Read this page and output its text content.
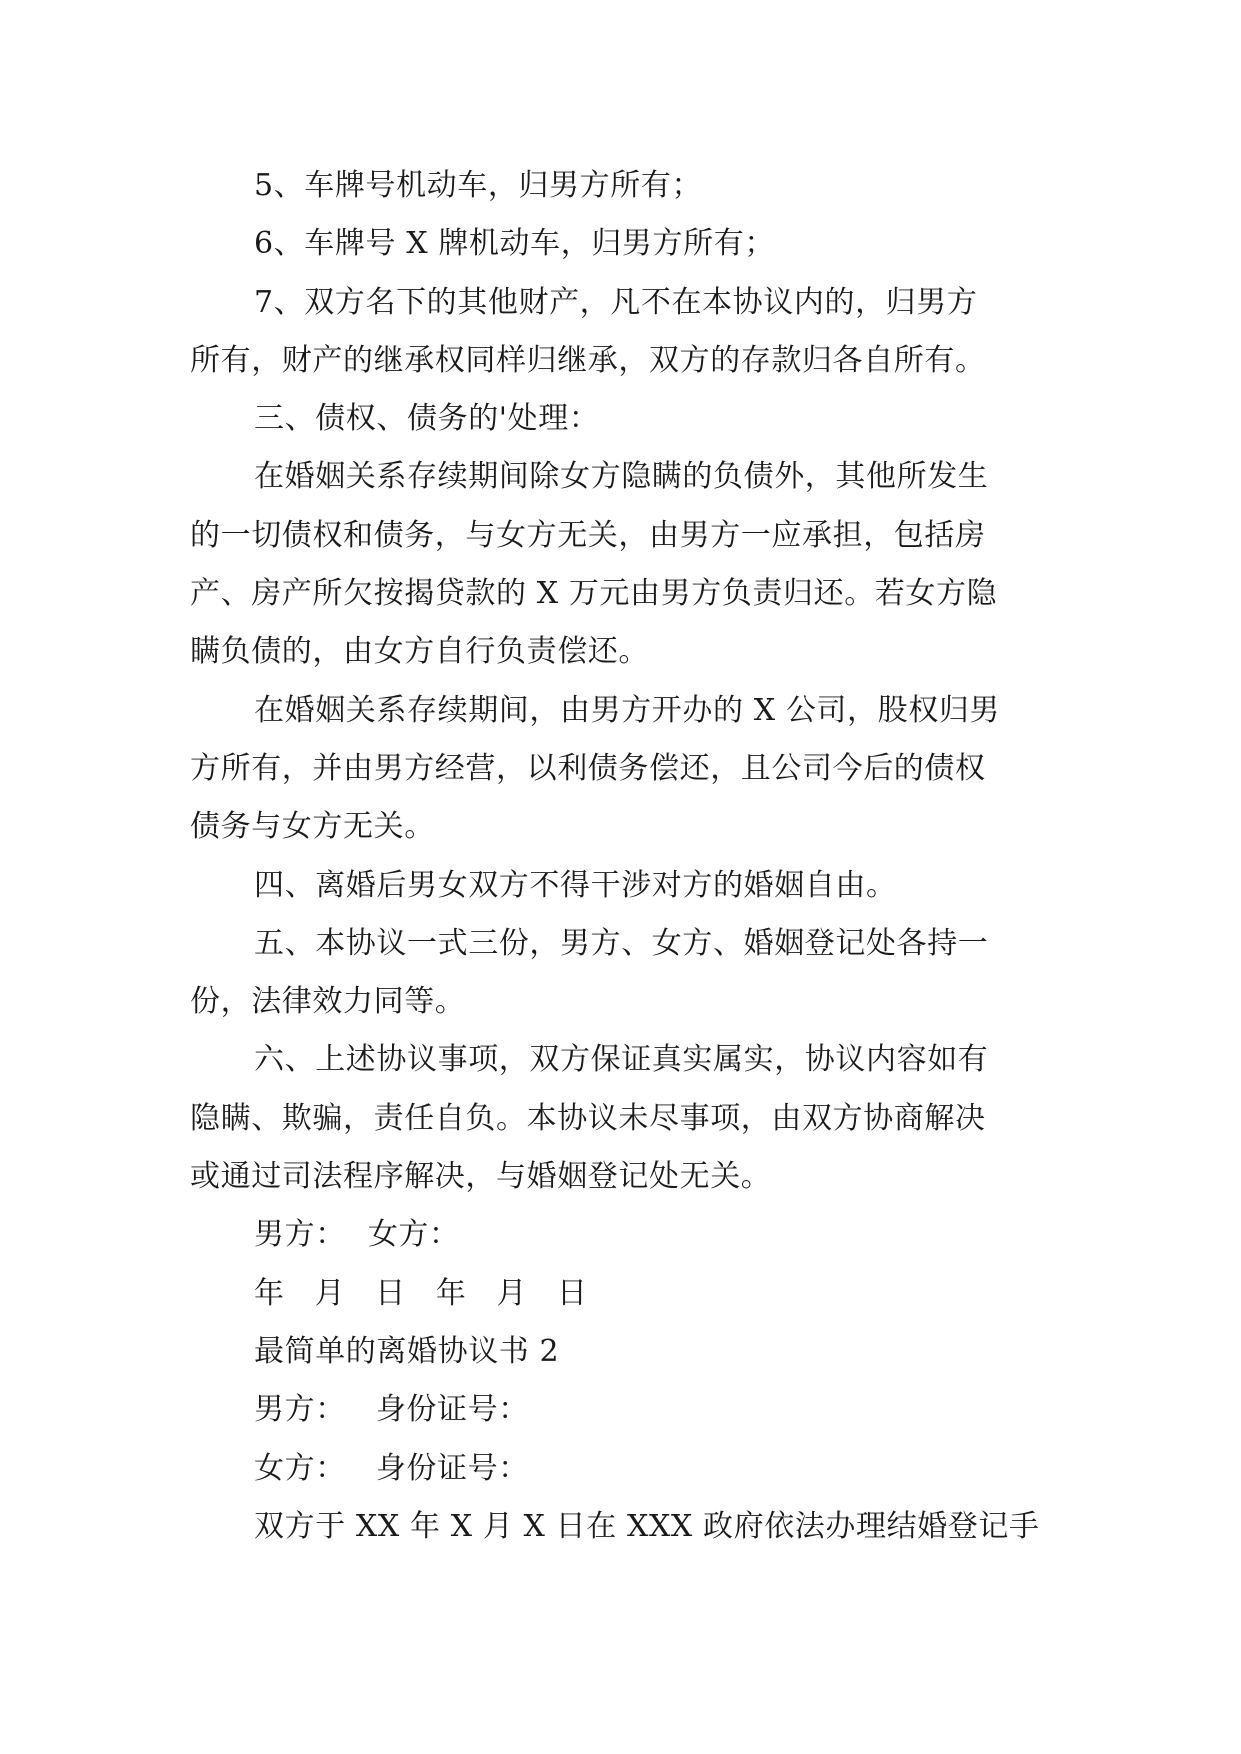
5、车牌号机动车，归男方所有；
6、车牌号 X 牌机动车，归男方所有；
7、双方名下的其他财产，凡不在本协议内的，归男方
所有，财产的继承权同样归继承，双方的存款归各自所有。
三、债权、债务的'处理：
在婚姻关系存续期间除女方隐瞒的负债外，其他所发生
的一切债权和债务，与女方无关，由男方一应承担，包括房
产、房产所欠按揭贷款的 X 万元由男方负责归还。若女方隐
瞒负债的，由女方自行负责偿还。
在婚姻关系存续期间，由男方开办的 X 公司，股权归男
方所有，并由男方经营，以利债务偿还，且公司今后的债权
债务与女方无关。
四、离婚后男女双方不得干涉对方的婚姻自由。
五、本协议一式三份，男方、女方、婚姻登记处各持一
份，法律效力同等。
六、上述协议事项，双方保证真实属实，协议内容如有
隐瞒、欺骗，责任自负。本协议未尽事项，由双方协商解决
或通过司法程序解决，与婚姻登记处无关。
男方： 女方：
年 月 日 年 月 日
最简单的离婚协议书 2
男方： 身份证号：
女方： 身份证号：
双方于 XX 年 X 月 X 日在 XXX 政府依法办理结婚登记手
